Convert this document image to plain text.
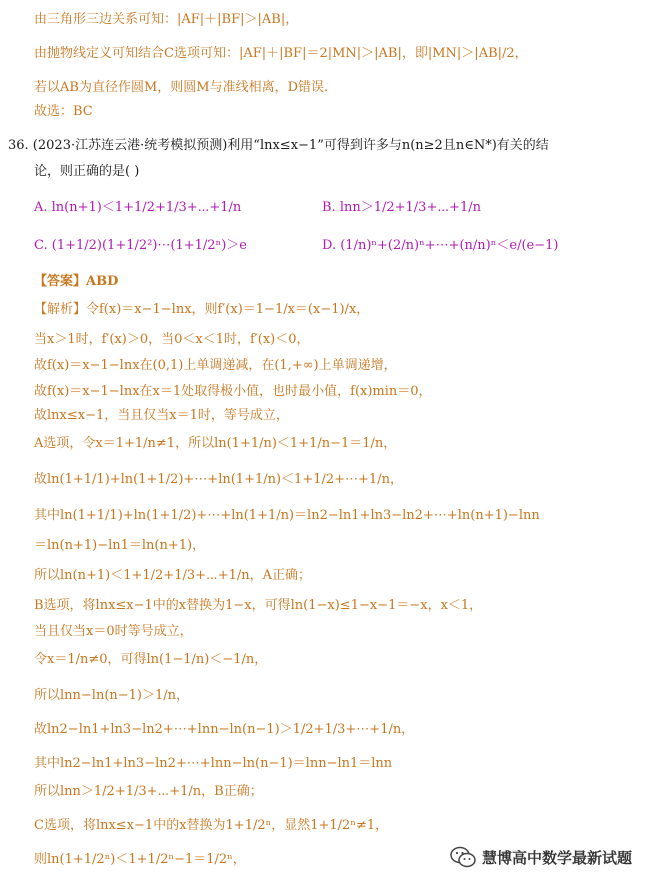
慧博高中数学最新试题
由三角形三边关系可知：|AF|＋|BF|＞|AB|，
由抛物线定义可知结合C选项可知：|AF|＋|BF|＝2|MN|＞|AB|，即|MN|＞|AB|/2，
若以AB为直径作圆M，则圆M与准线相离，D错误.
故选：BC
36. (2023·江苏连云港·统考模拟预测)利用“lnx≤x−1”可得到许多与n(n≥2且n∈N*)有关的结
论，则正确的是( )
A. ln(n+1)＜1+1/2+1/3+⋯+1/n	B. lnn＞1/2+1/3+⋯+1/n
C. (1+1/2)(1+1/2²)⋯(1+1/2ⁿ)＞e	D. (1/n)ⁿ+(2/n)ⁿ+⋯+(n/n)ⁿ＜e/(e−1)
【答案】ABD
【解析】令f(x)＝x−1−lnx，则f′(x)＝1−1/x＝(x−1)/x，
当x＞1时，f′(x)＞0，当0＜x＜1时，f′(x)＜0，
故f(x)＝x−1−lnx在(0,1)上单调递减，在(1,+∞)上单调递增，
故f(x)＝x−1−lnx在x＝1处取得极小值，也时最小值，f(x)min＝0，
故lnx≤x−1，当且仅当x＝1时，等号成立，
A选项，令x＝1+1/n≠1，所以ln(1+1/n)＜1+1/n−1＝1/n，
故ln(1+1/1)+ln(1+1/2)+⋯+ln(1+1/n)＜1+1/2+⋯+1/n，
其中ln(1+1/1)+ln(1+1/2)+⋯+ln(1+1/n)＝ln2−ln1+ln3−ln2+⋯+ln(n+1)−lnn
＝ln(n+1)−ln1＝ln(n+1)，
所以ln(n+1)＜1+1/2+1/3+⋯+1/n，A正确；
B选项，将lnx≤x−1中的x替换为1−x，可得ln(1−x)≤1−x−1＝−x，x＜1，
当且仅当x＝0时等号成立，
令x＝1/n≠0，可得ln(1−1/n)＜−1/n，
所以lnn−ln(n−1)＞1/n，
故ln2−ln1+ln3−ln2+⋯+lnn−ln(n−1)＞1/2+1/3+⋯+1/n，
其中ln2−ln1+ln3−ln2+⋯+lnn−ln(n−1)＝lnn−ln1＝lnn
所以lnn＞1/2+1/3+⋯+1/n，B正确；
C选项，将lnx≤x−1中的x替换为1+1/2ⁿ，显然1+1/2ⁿ≠1，
则ln(1+1/2ⁿ)＜1+1/2ⁿ−1＝1/2ⁿ，
